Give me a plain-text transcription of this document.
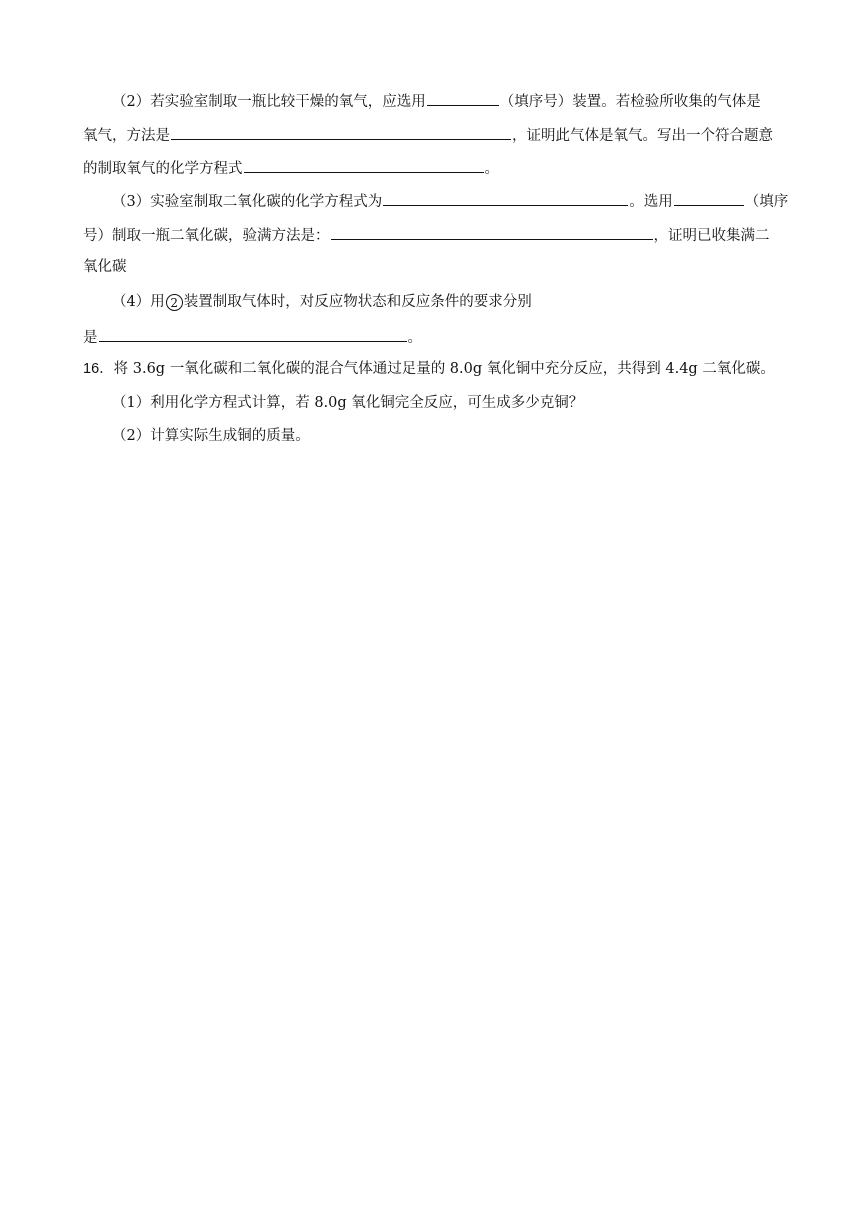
（2）若实验室制取一瓶比较干燥的氧气，应选用	（填序号）装置。若检验所收集的气体是
氧气，方法是	，证明此气体是氧气。写出一个符合题意
的制取氧气的化学方程式	。
（3）实验室制取二氧化碳的化学方程式为	。选用	（填序
号）制取一瓶二氧化碳，验满方法是：	，证明已收集满二
氧化碳
（4）用 2 装置制取气体时，对反应物状态和反应条件的要求分别
是	。
16．将 3.6g 一氧化碳和二氧化碳的混合气体通过足量的 8.0g 氧化铜中充分反应，共得到 4.4g 二氧化碳。
（1）利用化学方程式计算，若 8.0g 氧化铜完全反应，可生成多少克铜？
（2）计算实际生成铜的质量。
